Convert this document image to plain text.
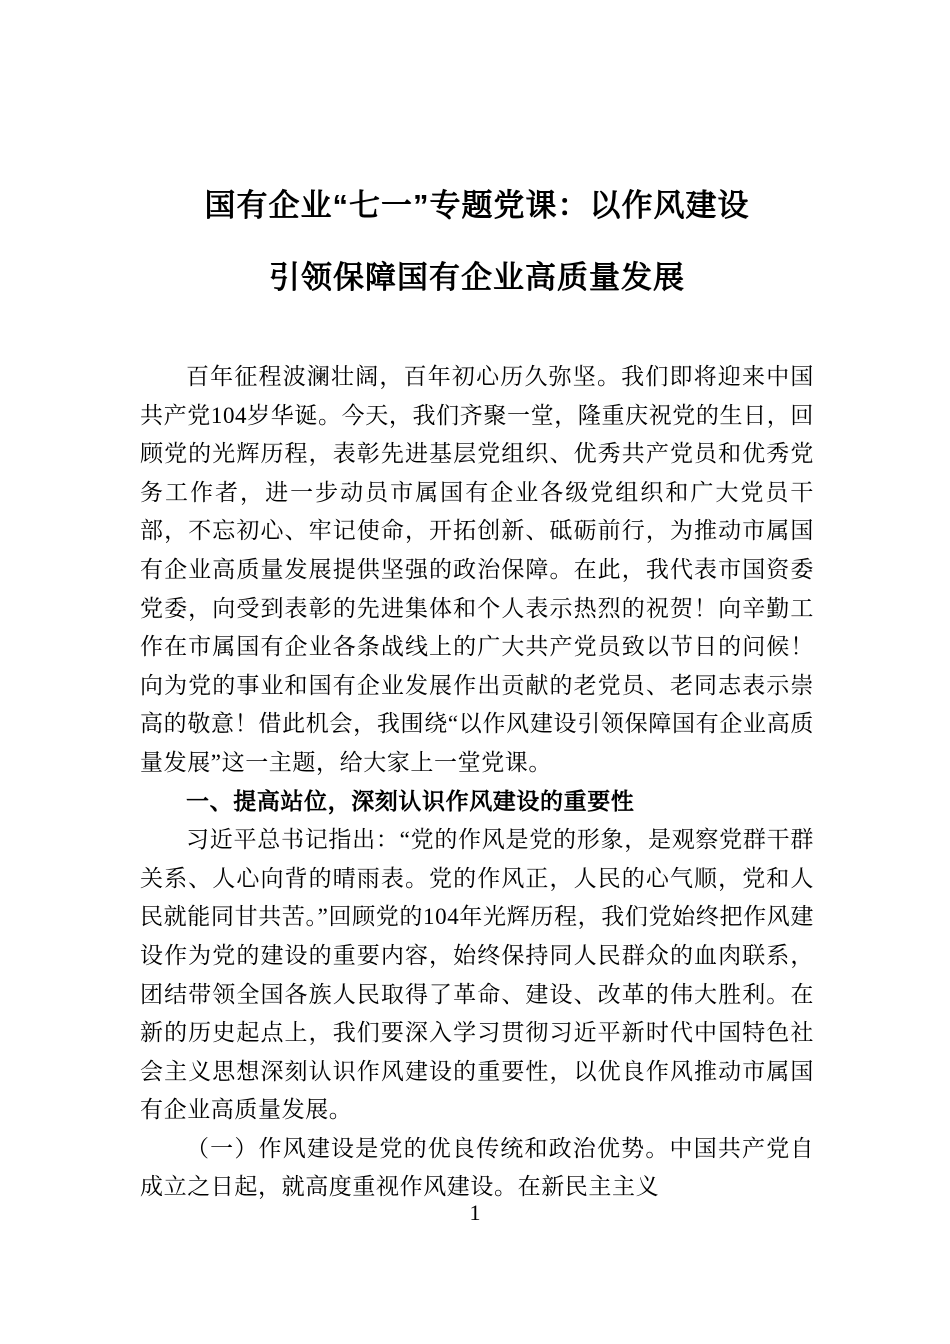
国有企业“七一”专题党课：以作风建设
引领保障国有企业高质量发展

百年征程波澜壮阔，百年初心历久弥坚。我们即将迎来中国共产党104岁华诞。今天，我们齐聚一堂，隆重庆祝党的生日，回顾党的光辉历程，表彰先进基层党组织、优秀共产党员和优秀党务工作者，进一步动员市属国有企业各级党组织和广大党员干部，不忘初心、牢记使命，开拓创新、砥砺前行，为推动市属国有企业高质量发展提供坚强的政治保障。在此，我代表市国资委党委，向受到表彰的先进集体和个人表示热烈的祝贺！向辛勤工作在市属国有企业各条战线上的广大共产党员致以节日的问候！向为党的事业和国有企业发展作出贡献的老党员、老同志表示崇高的敬意！借此机会，我围绕“以作风建设引领保障国有企业高质量发展”这一主题，给大家上一堂党课。

一、提高站位，深刻认识作风建设的重要性

习近平总书记指出：“党的作风是党的形象，是观察党群干群关系、人心向背的晴雨表。党的作风正，人民的心气顺，党和人民就能同甘共苦。”回顾党的104年光辉历程，我们党始终把作风建设作为党的建设的重要内容，始终保持同人民群众的血肉联系，团结带领全国各族人民取得了革命、建设、改革的伟大胜利。在新的历史起点上，我们要深入学习贯彻习近平新时代中国特色社会主义思想深刻认识作风建设的重要性，以优良作风推动市属国有企业高质量发展。

（一）作风建设是党的优良传统和政治优势。中国共产党自成立之日起，就高度重视作风建设。在新民主主义

1
